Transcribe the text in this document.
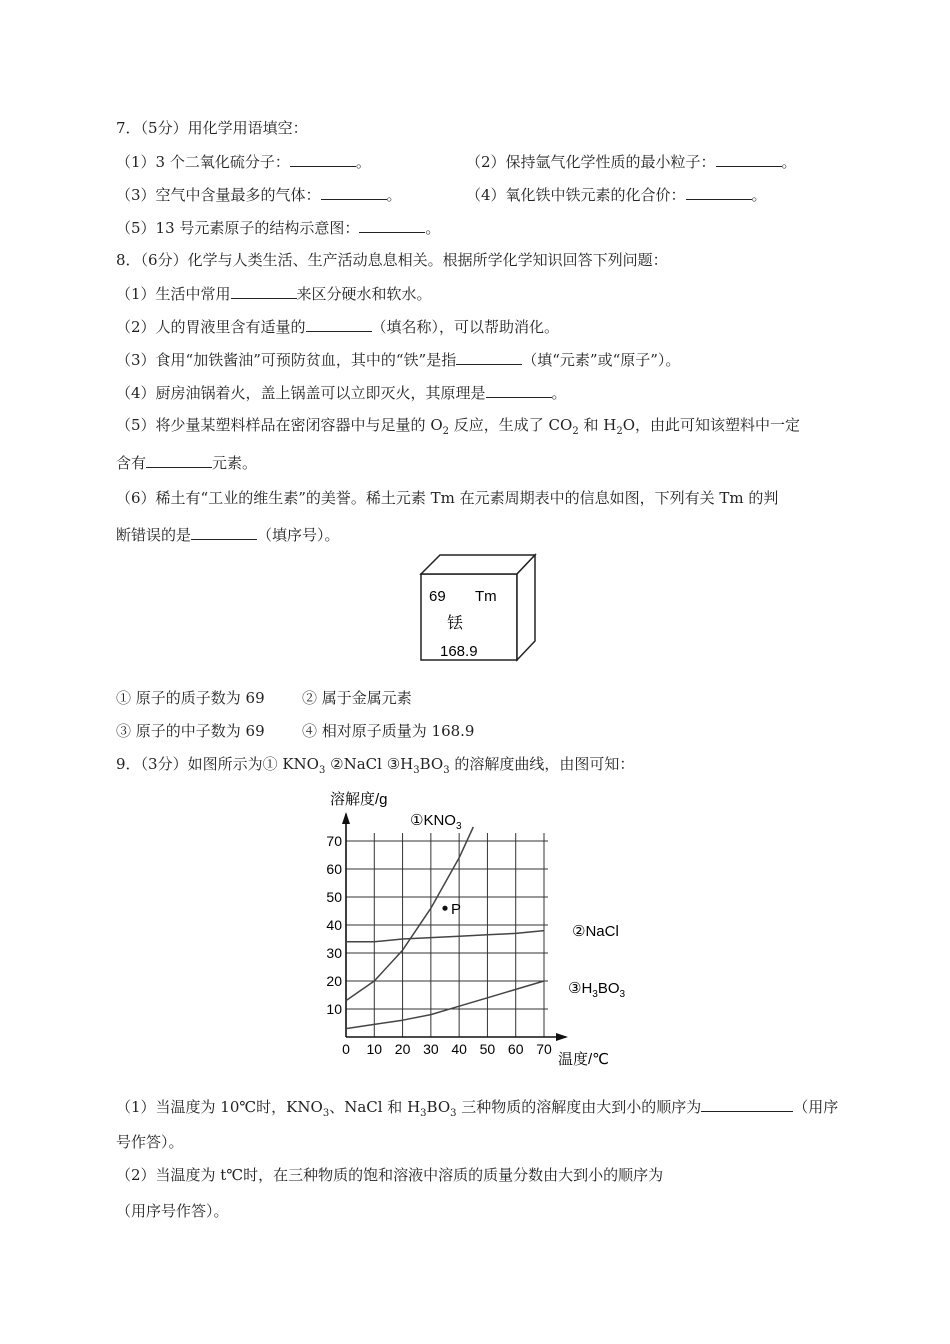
7．（5分）用化学用语填空：
（1）3 个二氧化硫分子：	。	（2）保持氩气化学性质的最小粒子：	。
（3）空气中含量最多的气体：	。	（4）氧化铁中铁元素的化合价：	。
（5）13 号元素原子的结构示意图：	。
8．（6分）化学与人类生活、生产活动息息相关。根据所学化学知识回答下列问题：
（1）生活中常用	来区分硬水和软水。
（2）人的胃液里含有适量的	（填名称），可以帮助消化。
（3）食用“加铁酱油”可预防贫血，其中的“铁”是指	（填“元素”或“原子”）。
（4）厨房油锅着火，盖上锅盖可以立即灭火，其原理是	。
（5）将少量某塑料样品在密闭容器中与足量的 $O_2$ 反应，生成了 $CO_2$ 和 $H_2O$，由此可知该塑料中一定
含有	元素。
（6）稀土有“工业的维生素”的美誉。稀土元素 Tm 在元素周期表中的信息如图，下列有关 Tm 的判
断错误的是	（填序号）。
69 Tm
铥
168.9
① 原子的质子数为 69 ② 属于金属元素
③ 原子的中子数为 69 ④ 相对原子质量为 168.9
9．（3分）如图所示为① $KNO_3$ ②NaCl $③H_3BO_3$ 的溶解度曲线，由图可知：
0 10 20 30 40 50 60 70
10
20
30
40
50
60
70
P
溶解度/g
温度/℃
$①KNO_3$
②NaCl
$③H_3BO_3$
（1）当温度为 10℃时，$KNO_3$、NaCl 和 $H_3BO_3$ 三种物质的溶解度由大到小的顺序为	（用序
号作答）。
（2）当温度为 t℃时，在三种物质的饱和溶液中溶质的质量分数由大到小的顺序为
（用序号作答）。
